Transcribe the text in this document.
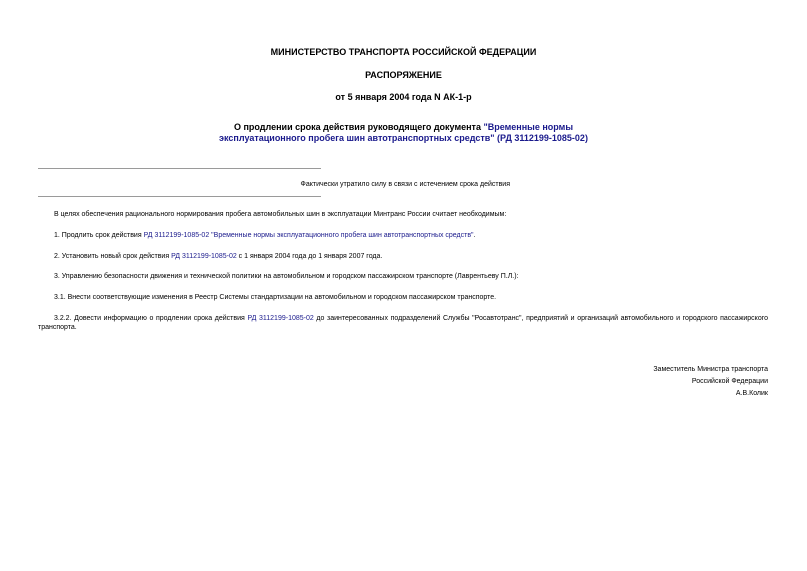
МИНИСТЕРСТВО ТРАНСПОРТА РОССИЙСКОЙ ФЕДЕРАЦИИ
РАСПОРЯЖЕНИЕ
от 5 января 2004 года N АК-1-р
О продлении срока действия руководящего документа "Временные нормы эксплуатационного пробега шин автотранспортных средств" (РД 3112199-1085-02)
Фактически утратило силу в связи с истечением срока действия
В целях обеспечения рационального нормирования пробега автомобильных шин в эксплуатации Минтранс России считает необходимым:
1. Продлить срок действия РД 3112199-1085-02 "Временные нормы эксплуатационного пробега шин автотранспортных средств".
2. Установить новый срок действия РД 3112199-1085-02 с 1 января 2004 года до 1 января 2007 года.
3. Управлению безопасности движения и технической политики на автомобильном и городском пассажирском транспорте (Лаврентьеву П.Л.):
3.1. Внести соответствующие изменения в Реестр Системы стандартизации на автомобильном и городском пассажирском транспорте.
3.2.2. Довести информацию о продлении срока действия РД 3112199-1085-02 до заинтересованных подразделений Службы "Росавтотранс", предприятий и организаций автомобильного и городского пассажирского транспорта.
Заместитель Министра транспорта
Российской Федерации
А.В.Колик
